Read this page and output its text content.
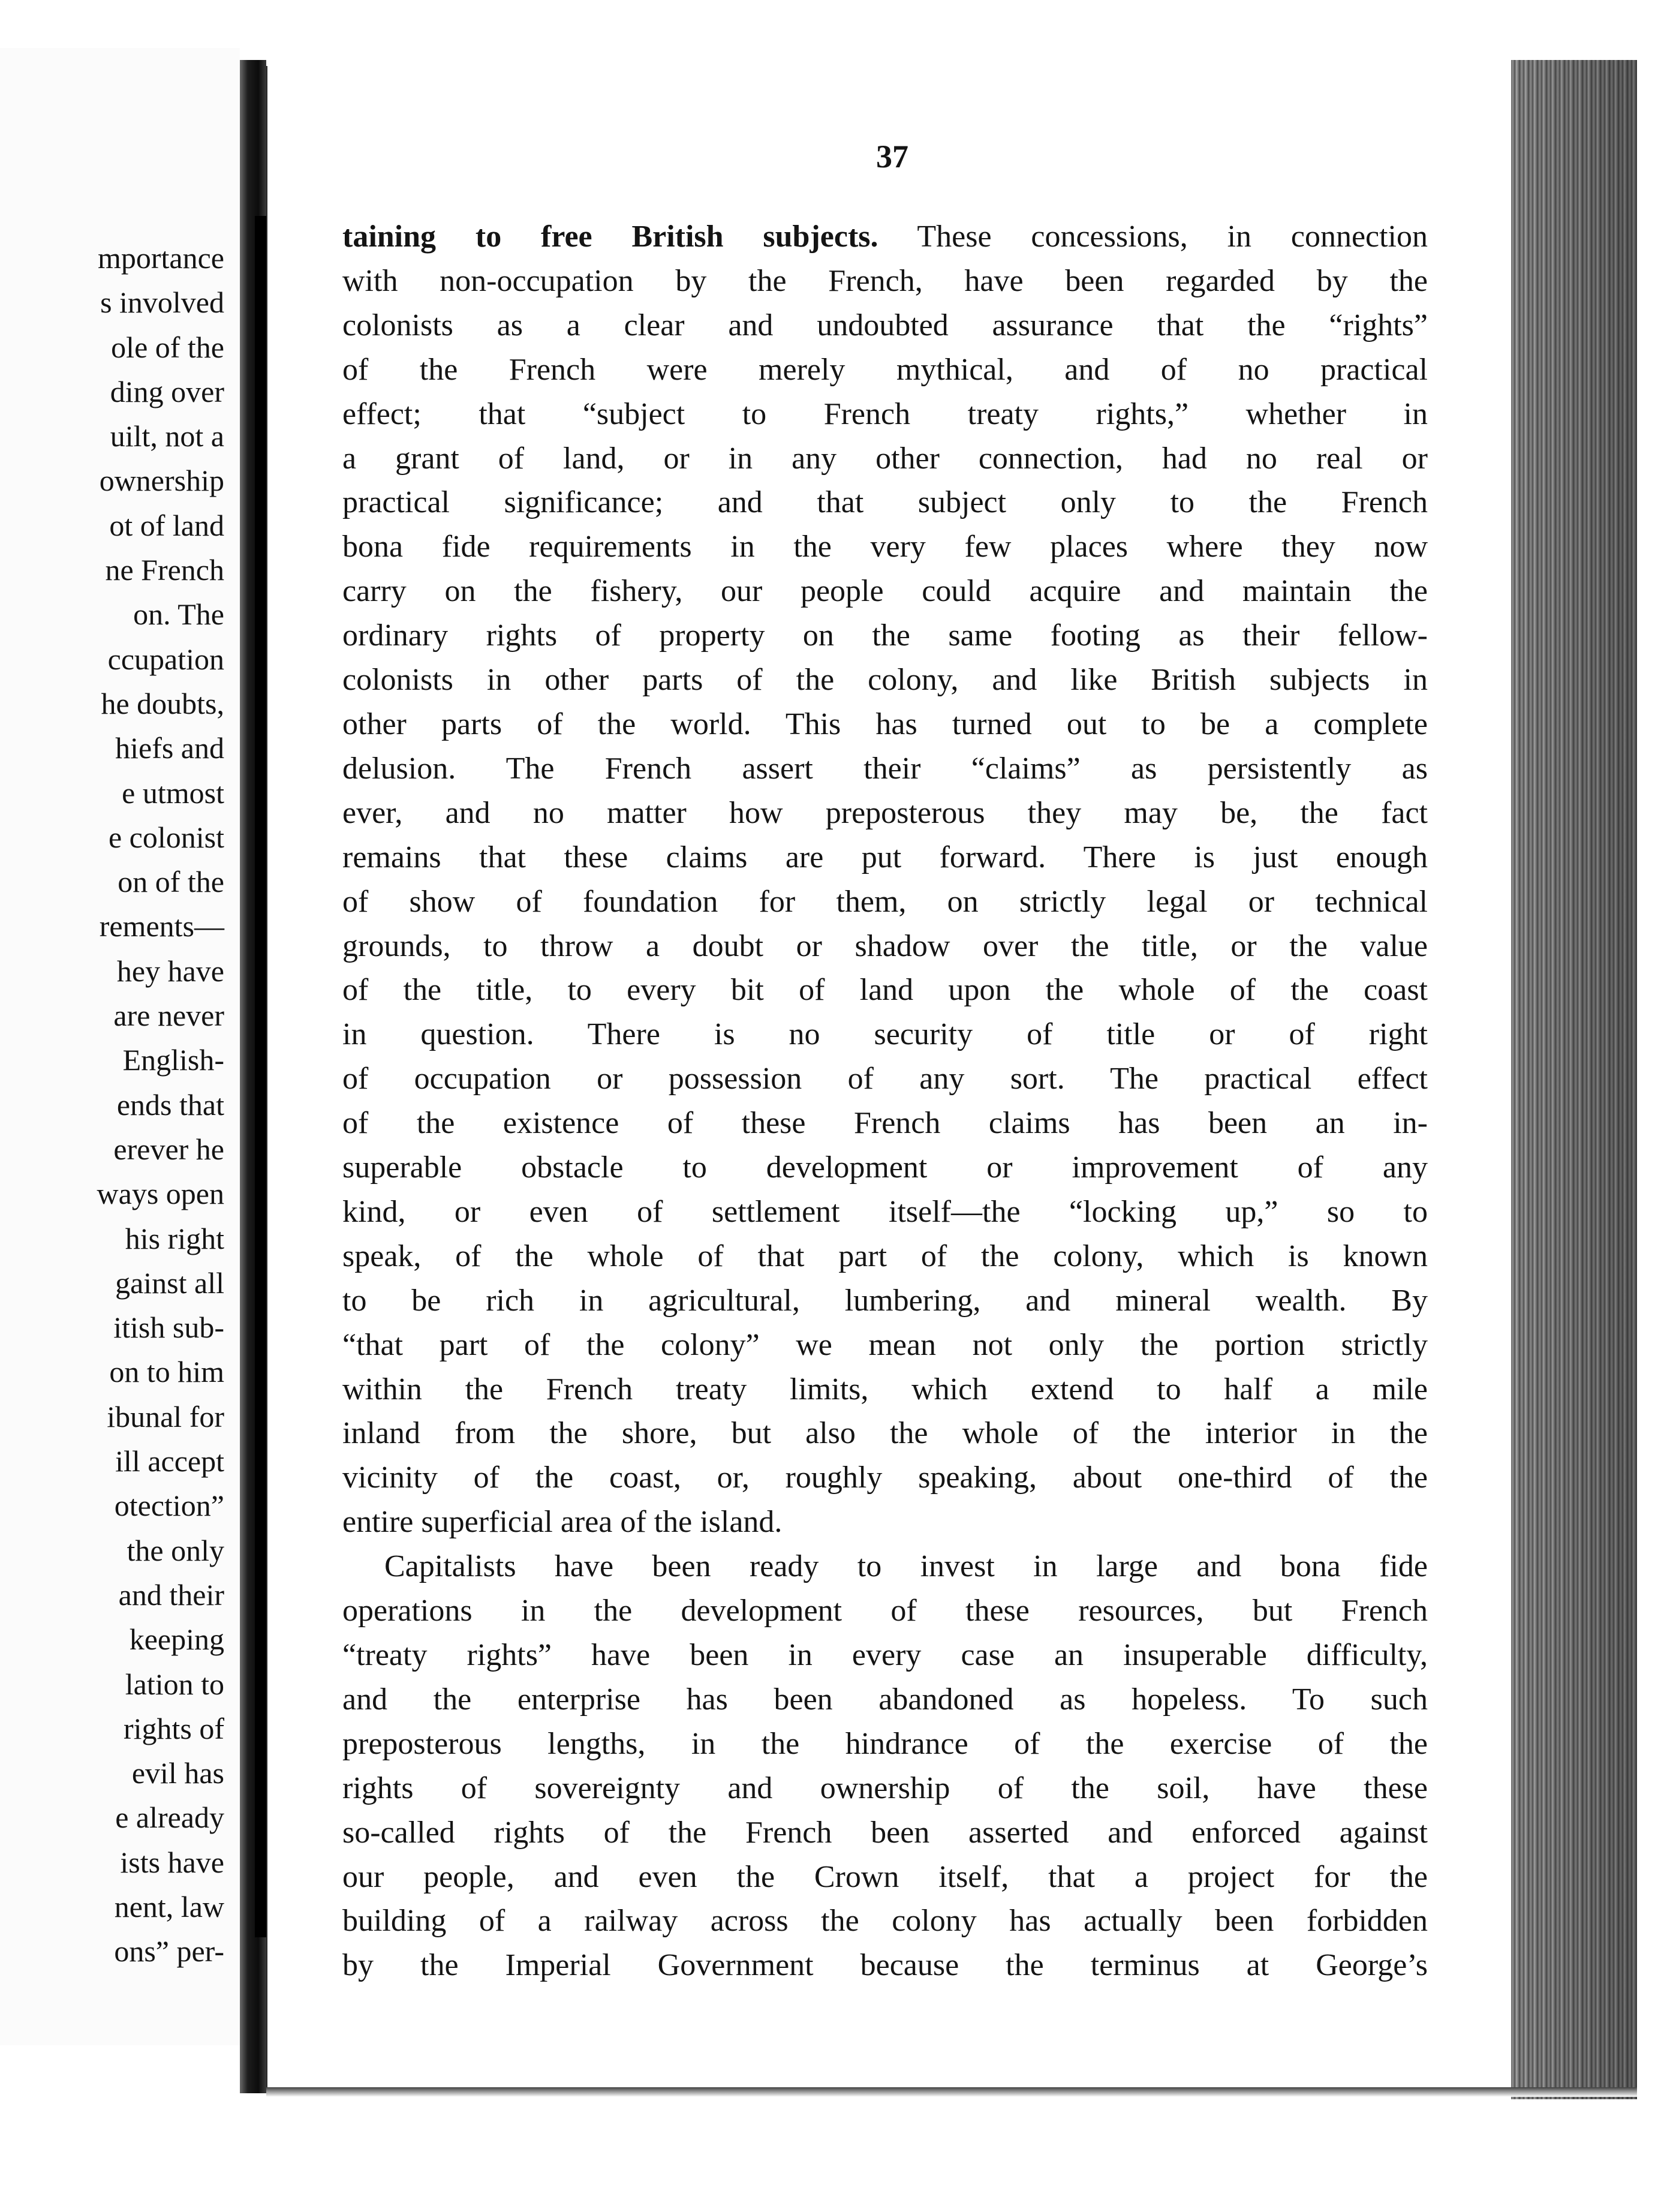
mportance
s involved
ole of the
ding over
uilt, not a
ownership
ot of land
ne French
on. The
ccupation
he doubts,
hiefs and
e utmost
e colonist
on of the
rements—
hey have
are never
English-
ends that
erever he
ways open
his right
gainst all
itish sub-
on to him
ibunal for
ill accept
otection”
the only
and their
keeping
lation to
rights of
evil has
e already
ists have
nent, law
ons” per-

37

taining to free British subjects. These concessions, in connection
with non-occupation by the French, have been regarded by the
colonists as a clear and undoubted assurance that the “rights”
of the French were merely mythical, and of no practical
effect; that “subject to French treaty rights,” whether in
a grant of land, or in any other connection, had no real or
practical significance; and that subject only to the French
bona fide requirements in the very few places where they now
carry on the fishery, our people could acquire and maintain the
ordinary rights of property on the same footing as their fellow-
colonists in other parts of the colony, and like British subjects in
other parts of the world. This has turned out to be a complete
delusion. The French assert their “claims” as persistently as
ever, and no matter how preposterous they may be, the fact
remains that these claims are put forward. There is just enough
of show of foundation for them, on strictly legal or technical
grounds, to throw a doubt or shadow over the title, or the value
of the title, to every bit of land upon the whole of the coast
in question. There is no security of title or of right
of occupation or possession of any sort. The practical effect
of the existence of these French claims has been an in-
superable obstacle to development or improvement of any
kind, or even of settlement itself—the “locking up,” so to
speak, of the whole of that part of the colony, which is known
to be rich in agricultural, lumbering, and mineral wealth. By
“that part of the colony” we mean not only the portion strictly
within the French treaty limits, which extend to half a mile
inland from the shore, but also the whole of the interior in the
vicinity of the coast, or, roughly speaking, about one-third of the
entire superficial area of the island.
Capitalists have been ready to invest in large and bona fide
operations in the development of these resources, but French
“treaty rights” have been in every case an insuperable difficulty,
and the enterprise has been abandoned as hopeless. To such
preposterous lengths, in the hindrance of the exercise of the
rights of sovereignty and ownership of the soil, have these
so-called rights of the French been asserted and enforced against
our people, and even the Crown itself, that a project for the
building of a railway across the colony has actually been forbidden
by the Imperial Government because the terminus at George’s
